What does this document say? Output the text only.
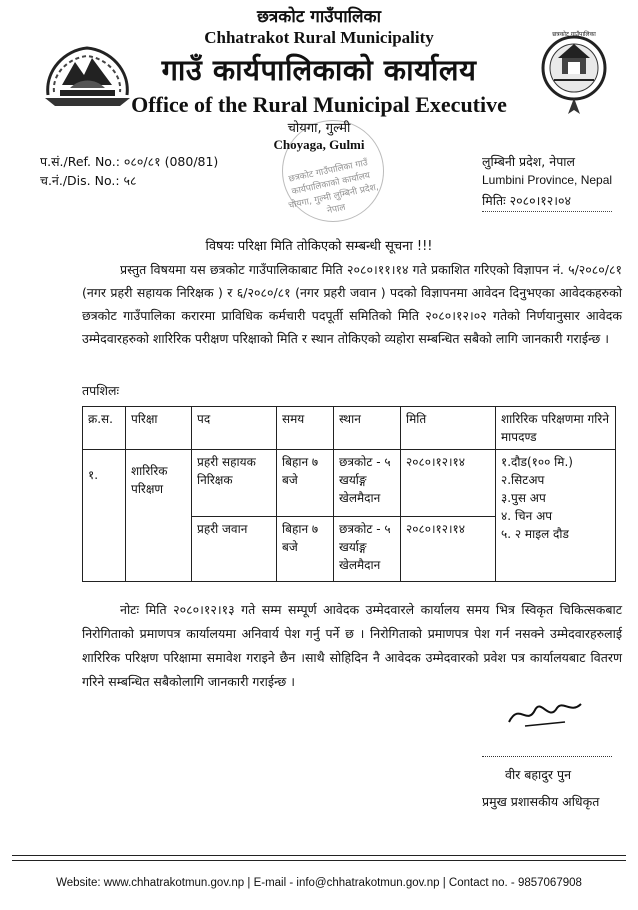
छत्रकोट गाउँपालिका
छत्रकोट गाउँपालिका
Chhatrakot Rural Municipality
गाउँ कार्यपालिकाको कार्यालय
Office of the Rural Municipal Executive
चोयगा, गुल्मी
Choyaga, Gulmi
छत्रकोट गाउँपालिका गाउँ कार्यपालिकाको कार्यालय चोयगा, गुल्मी लुम्बिनी प्रदेश, नेपाल
प.सं./Ref. No.: ०८०/८१ (080/81)
च.नं./Dis. No.: ५८
लुम्बिनी प्रदेश, नेपाल
Lumbini Province, Nepal
मितिः २०८०।१२।०४
विषयः परिक्षा मिति तोकिएको सम्बन्धी सूचना !!!
प्रस्तुत विषयमा यस छत्रकोट गाउँपालिकाबाट मिति २०८०।११।१४ गते प्रकाशित गरिएको विज्ञापन नं. ५/२०८०/८१ (नगर प्रहरी सहायक निरिक्षक ) र ६/२०८०/८१ (नगर प्रहरी जवान ) पदको विज्ञापनमा आवेदन दिनुभएका आवेदकहरुको छत्रकोट गाउँपालिका करारमा प्राविधिक कर्मचारी पदपूर्ती समितिको मिति २०८०।१२।०२ गतेको निर्णयानुसार आवेदक उम्मेदवारहरुको शारिरिक परीक्षण परिक्षाको मिति र स्थान तोकिएको व्यहोरा सम्बन्धित सबैको लागि जानकारी गराईन्छ ।
तपशिलः
क्र.स.	परिक्षा	पद	समय	स्थान	मिति	शारिरिक परिक्षणमा गरिने मापदण्ड
१.	शारिरिक परिक्षण	प्रहरी सहायक निरिक्षक	बिहान ७ बजे	छत्रकोट - ५ खर्याङ्ग खेलमैदान	२०८०।१२।१४	१.दौड(१०० मि.)
२.सिटअप
३.पुस अप
४. चिन अप
५. २ माइल दौड

		प्रहरी जवान	बिहान ७ बजे	छत्रकोट - ५ खर्याङ्ग खेलमैदान	२०८०।१२।१४	
नोटः मिति २०८०।१२।१३ गते सम्म सम्पूर्ण आवेदक उम्मेदवारले कार्यालय समय भित्र स्विकृत चिकित्सकबाट निरोगिताको प्रमाणपत्र कार्यालयमा अनिवार्य पेश गर्नु पर्ने छ । निरोगिताको प्रमाणपत्र पेश गर्न नसक्ने उम्मेदवारहरुलाई शारिरिक परिक्षण परिक्षामा समावेश गराइने छैन ।साथै सोहिदिन नै आवेदक उम्मेदवारको प्रवेश पत्र कार्यालयबाट वितरण गरिने सम्बन्धित सबैकोलागि जानकारी गराईन्छ ।
वीर बहादुर पुन
प्रमुख प्रशासकीय अधिकृत
Website: www.chhatrakotmun.gov.np | E-mail - info@chhatrakotmun.gov.np | Contact no. - 9857067908
